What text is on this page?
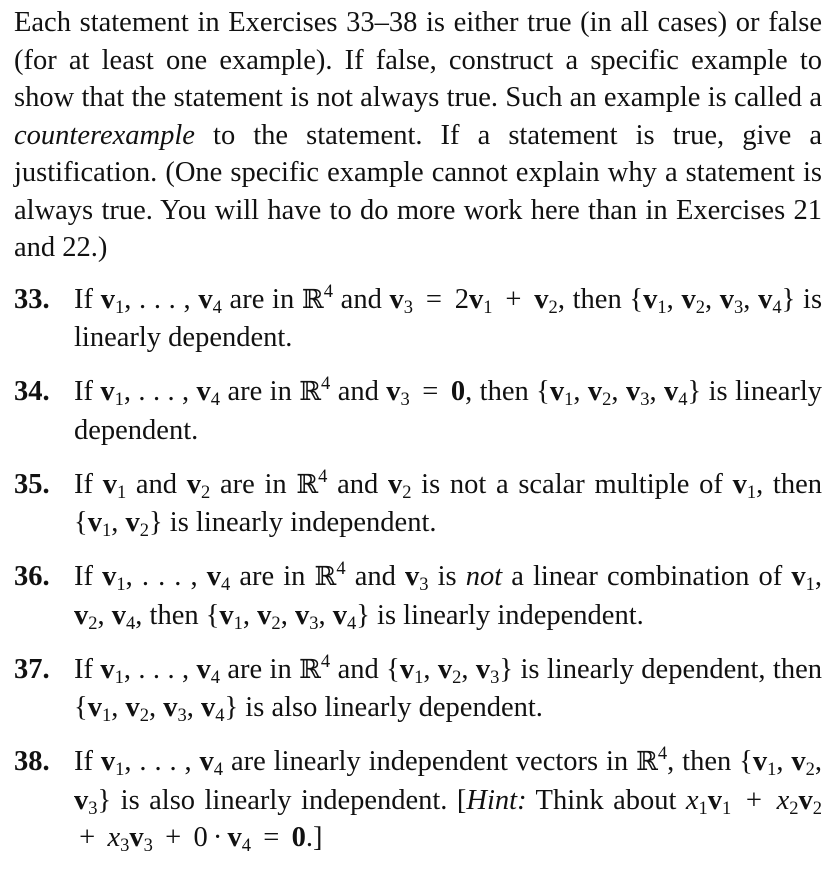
Each statement in Exercises 33–38 is either true (in all cases) or false (for at least one example). If false, construct a specific example to show that the statement is not always true. Such an example is called a counterexample to the statement. If a statement is true, give a justification. (One specific example cannot explain why a statement is always true. You will have to do more work here than in Exercises 21 and 22.)

33. If $v_1$, . . . , $v_4$ are in ℝ$^4$ and $v_3 = 2v_1 + v_2$, then {$v_1$, $v_2$, $v_3$, $v_4$} is linearly dependent.
34. If $v_1$, . . . , $v_4$ are in ℝ$^4$ and $v_3 = 0$, then {$v_1$, $v_2$, $v_3$, $v_4$} is linearly dependent.
35. If $v_1$ and $v_2$ are in ℝ$^4$ and $v_2$ is not a scalar multiple of $v_1$, then {$v_1$, $v_2$} is linearly independent.
36. If $v_1$, . . . , $v_4$ are in ℝ$^4$ and $v_3$ is not a linear combination of $v_1$, $v_2$, $v_4$, then {$v_1$, $v_2$, $v_3$, $v_4$} is linearly independent.
37. If $v_1$, . . . , $v_4$ are in ℝ$^4$ and {$v_1$, $v_2$, $v_3$} is linearly dependent, then {$v_1$, $v_2$, $v_3$, $v_4$} is also linearly dependent.
38. If $v_1$, . . . , $v_4$ are linearly independent vectors in ℝ$^4$, then {$v_1$, $v_2$, $v_3$} is also linearly independent. [Hint: Think about $x_1v_1 + x_2v_2 + x_3v_3 + 0 \cdot v_4 = 0$.]
